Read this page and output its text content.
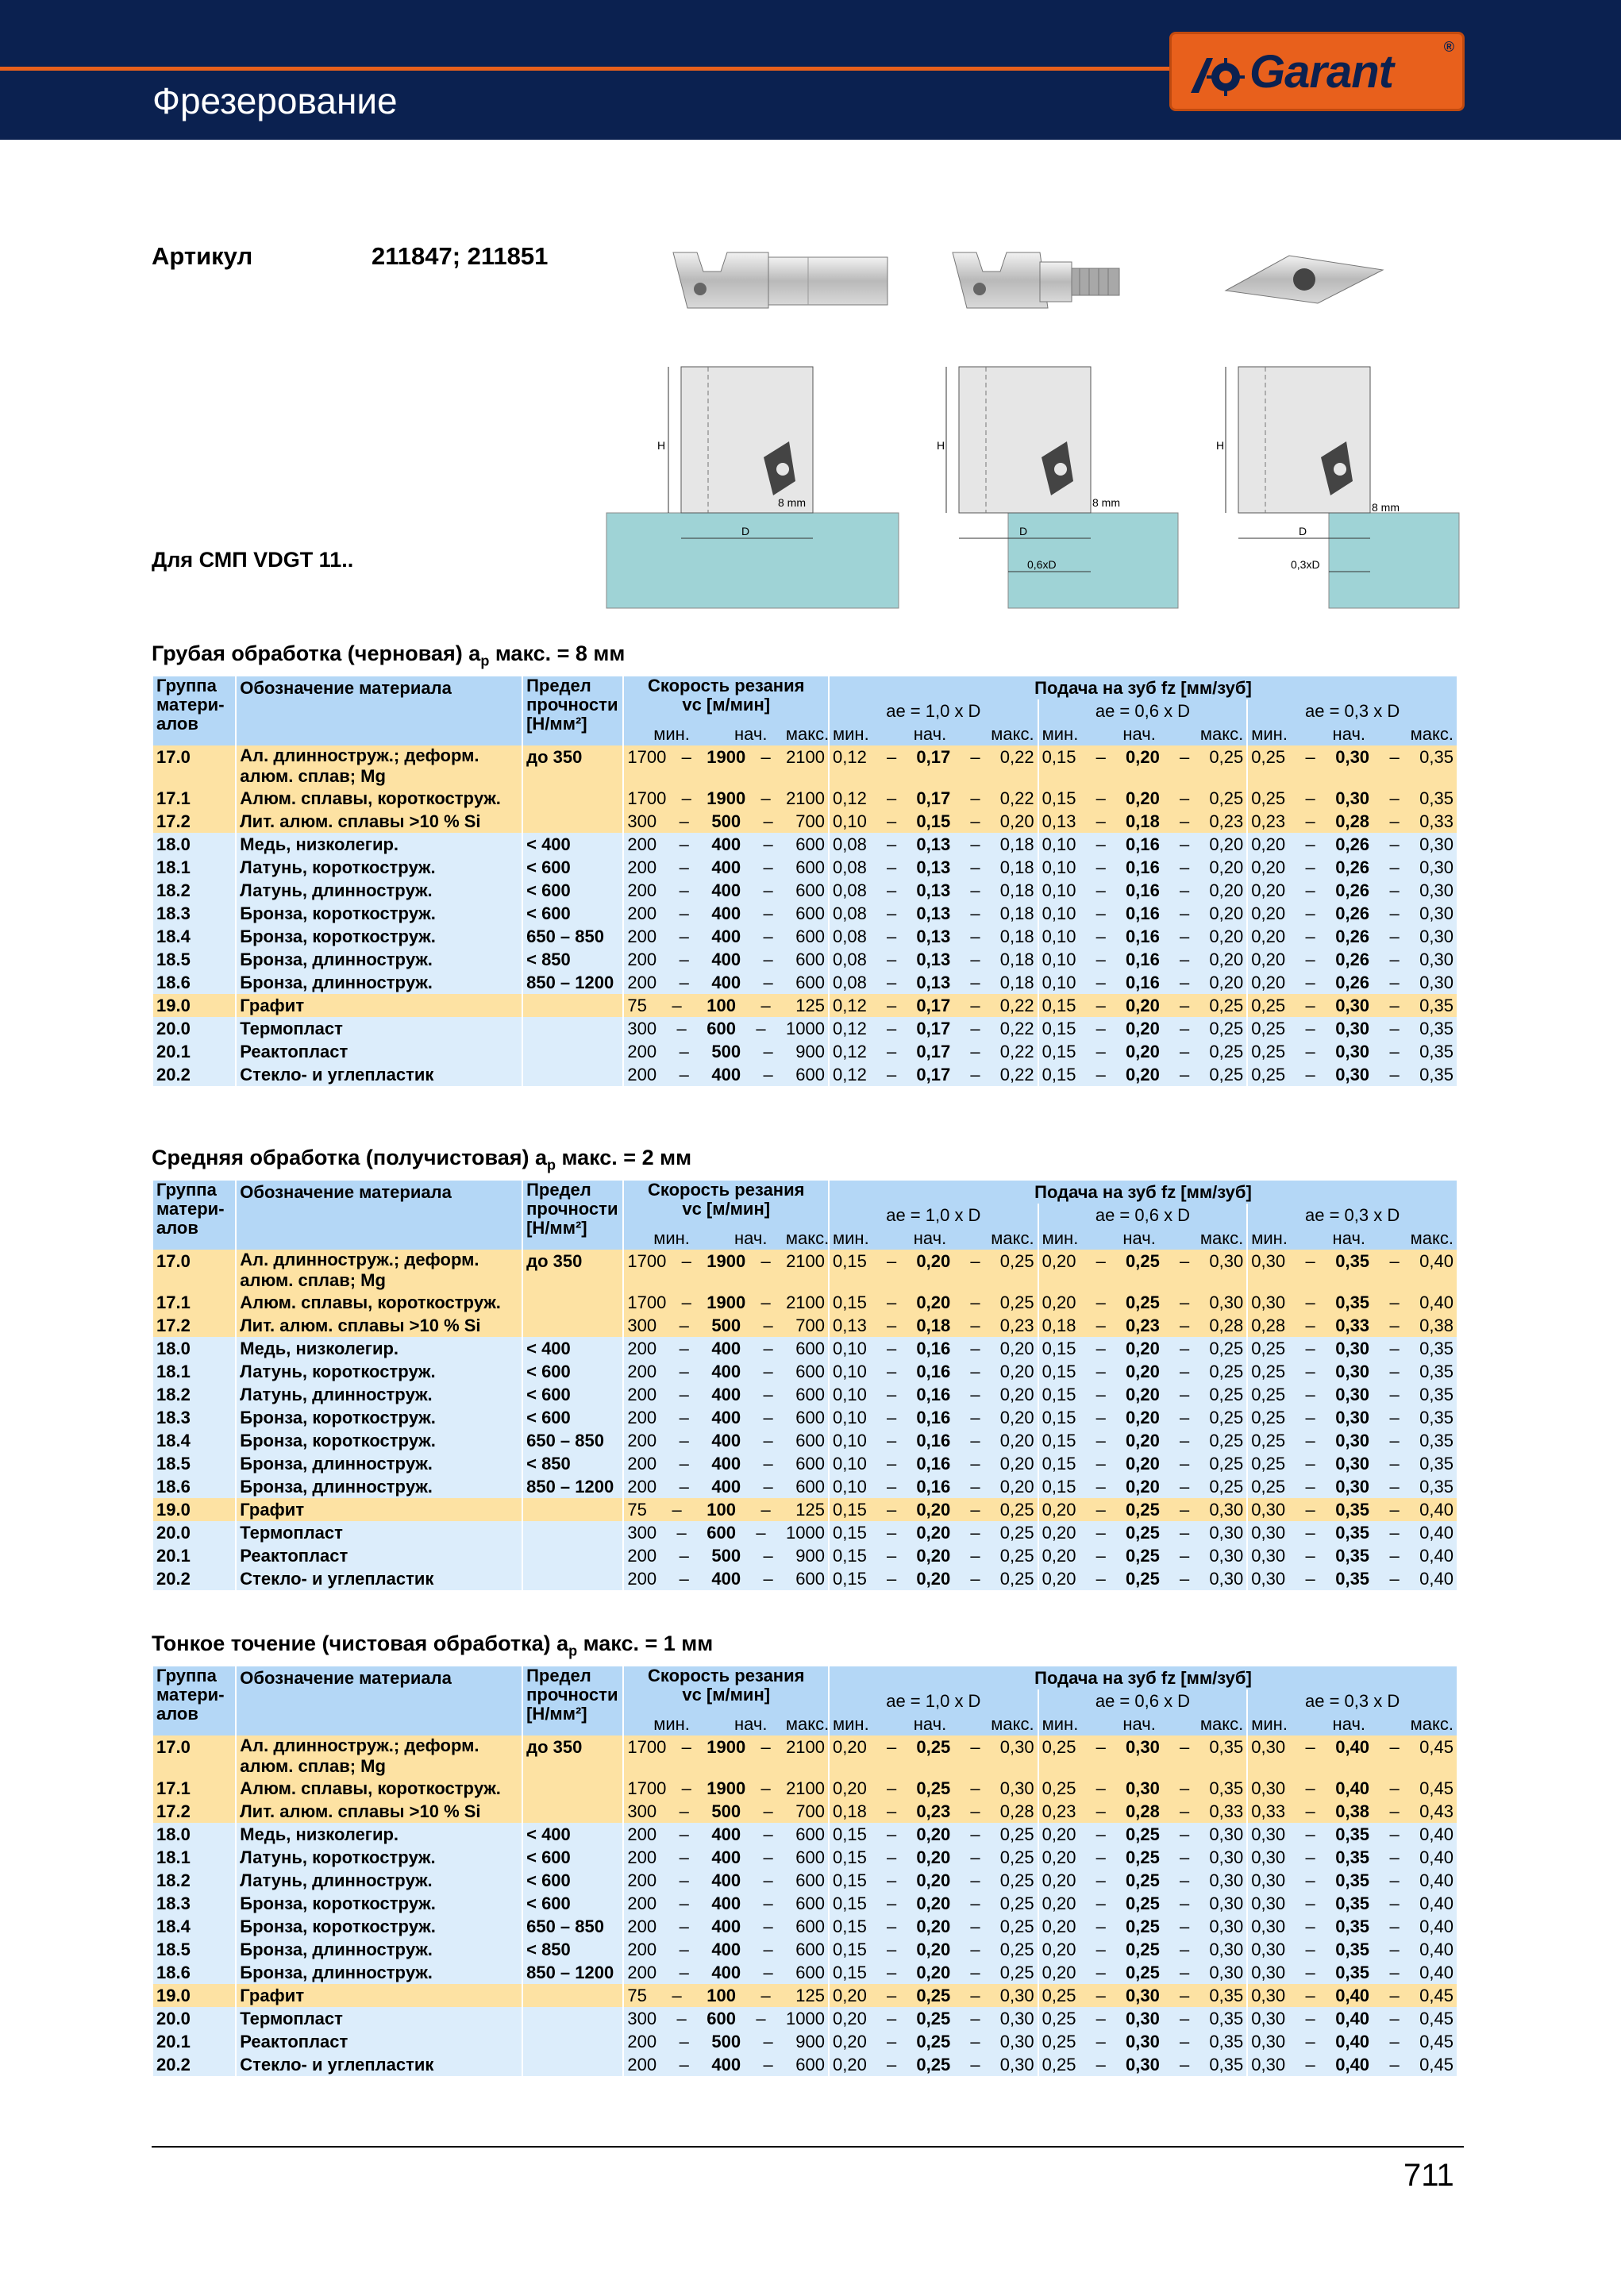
Фрезерование
Garant	®
Артикул	211847; 211851
H
D
8 mm
H
D
8 mm
0,6xD
H
D
8 mm
0,3xD
Для СМП VDGT 11..
Грубая обработка (черновая) $a_p$ макс. = 8 мм
Средняя обработка (получистовая) $a_p$ макс. = 2 мм
Тонкое точение (чистовая обработка) $a_p$ макс. = 1 мм
Группа
матери-
алов	Обозначение материала	Предел
прочности
[Н/мм²]	Скорость резания
vc [м/мин]			Подача на зуб fz [мм/зуб]		
						ae = 1,0 x D	ae = 0,6 x D	ae = 0,3 x D
			мин.	нач.	макс.	мин. нач. макс.	мин. нач. макс.	мин. нач. макс.

17.0	Ал. длиннострyж.; деформ. алюм. сплав; Mg	до 350	1700 – 1900 – 2100			0,12 – 0,17 – 0,22	0,15 – 0,20 – 0,25	0,25 – 0,30 – 0,35

17.1	Алюм. сплавы, короткострyж.		1700 – 1900 – 2100			0,12 – 0,17 – 0,22	0,15 – 0,20 – 0,25	0,25 – 0,30 – 0,35

17.2	Лит. алюм. сплавы >10 % Si		300 – 500 – 700			0,10 – 0,15 – 0,20	0,13 – 0,18 – 0,23	0,23 – 0,28 – 0,33

18.0	Медь, низколегир.	< 400	200 – 400 – 600			0,08 – 0,13 – 0,18	0,10 – 0,16 – 0,20	0,20 – 0,26 – 0,30

18.1	Латунь, короткострyж.	< 600	200 – 400 – 600			0,08 – 0,13 – 0,18	0,10 – 0,16 – 0,20	0,20 – 0,26 – 0,30

18.2	Латунь, длиннострyж.	< 600	200 – 400 – 600			0,08 – 0,13 – 0,18	0,10 – 0,16 – 0,20	0,20 – 0,26 – 0,30

18.3	Бронза, короткострyж.	< 600	200 – 400 – 600			0,08 – 0,13 – 0,18	0,10 – 0,16 – 0,20	0,20 – 0,26 – 0,30

18.4	Бронза, короткострyж.	650 – 850	200 – 400 – 600			0,08 – 0,13 – 0,18	0,10 – 0,16 – 0,20	0,20 – 0,26 – 0,30

18.5	Бронза, длиннострyж.	< 850	200 – 400 – 600			0,08 – 0,13 – 0,18	0,10 – 0,16 – 0,20	0,20 – 0,26 – 0,30

18.6	Бронза, длиннострyж.	850 – 1200	200 – 400 – 600			0,08 – 0,13 – 0,18	0,10 – 0,16 – 0,20	0,20 – 0,26 – 0,30

19.0	Графит		75 – 100 – 125			0,12 – 0,17 – 0,22	0,15 – 0,20 – 0,25	0,25 – 0,30 – 0,35

20.0	Термопласт		300 – 600 – 1000			0,12 – 0,17 – 0,22	0,15 – 0,20 – 0,25	0,25 – 0,30 – 0,35

20.1	Реактопласт		200 – 500 – 900			0,12 – 0,17 – 0,22	0,15 – 0,20 – 0,25	0,25 – 0,30 – 0,35

20.2	Стекло- и углепластик		200 – 400 – 600			0,12 – 0,17 – 0,22	0,15 – 0,20 – 0,25	0,25 – 0,30 – 0,35
Группа
матери-
алов	Обозначение материала	Предел
прочности
[Н/мм²]	Скорость резания
vc [м/мин]			Подача на зуб fz [мм/зуб]		
						ae = 1,0 x D	ae = 0,6 x D	ae = 0,3 x D
			мин.	нач.	макс.	мин. нач. макс.	мин. нач. макс.	мин. нач. макс.

17.0	Ал. длиннострyж.; деформ. алюм. сплав; Mg	до 350	1700 – 1900 – 2100			0,15 – 0,20 – 0,25	0,20 – 0,25 – 0,30	0,30 – 0,35 – 0,40

17.1	Алюм. сплавы, короткострyж.		1700 – 1900 – 2100			0,15 – 0,20 – 0,25	0,20 – 0,25 – 0,30	0,30 – 0,35 – 0,40

17.2	Лит. алюм. сплавы >10 % Si		300 – 500 – 700			0,13 – 0,18 – 0,23	0,18 – 0,23 – 0,28	0,28 – 0,33 – 0,38

18.0	Медь, низколегир.	< 400	200 – 400 – 600			0,10 – 0,16 – 0,20	0,15 – 0,20 – 0,25	0,25 – 0,30 – 0,35

18.1	Латунь, короткострyж.	< 600	200 – 400 – 600			0,10 – 0,16 – 0,20	0,15 – 0,20 – 0,25	0,25 – 0,30 – 0,35

18.2	Латунь, длиннострyж.	< 600	200 – 400 – 600			0,10 – 0,16 – 0,20	0,15 – 0,20 – 0,25	0,25 – 0,30 – 0,35

18.3	Бронза, короткострyж.	< 600	200 – 400 – 600			0,10 – 0,16 – 0,20	0,15 – 0,20 – 0,25	0,25 – 0,30 – 0,35

18.4	Бронза, короткострyж.	650 – 850	200 – 400 – 600			0,10 – 0,16 – 0,20	0,15 – 0,20 – 0,25	0,25 – 0,30 – 0,35

18.5	Бронза, длиннострyж.	< 850	200 – 400 – 600			0,10 – 0,16 – 0,20	0,15 – 0,20 – 0,25	0,25 – 0,30 – 0,35

18.6	Бронза, длиннострyж.	850 – 1200	200 – 400 – 600			0,10 – 0,16 – 0,20	0,15 – 0,20 – 0,25	0,25 – 0,30 – 0,35

19.0	Графит		75 – 100 – 125			0,15 – 0,20 – 0,25	0,20 – 0,25 – 0,30	0,30 – 0,35 – 0,40

20.0	Термопласт		300 – 600 – 1000			0,15 – 0,20 – 0,25	0,20 – 0,25 – 0,30	0,30 – 0,35 – 0,40

20.1	Реактопласт		200 – 500 – 900			0,15 – 0,20 – 0,25	0,20 – 0,25 – 0,30	0,30 – 0,35 – 0,40

20.2	Стекло- и углепластик		200 – 400 – 600			0,15 – 0,20 – 0,25	0,20 – 0,25 – 0,30	0,30 – 0,35 – 0,40
Группа
матери-
алов	Обозначение материала	Предел
прочности
[Н/мм²]	Скорость резания
vc [м/мин]			Подача на зуб fz [мм/зуб]		
						ae = 1,0 x D	ae = 0,6 x D	ae = 0,3 x D
			мин.	нач.	макс.	мин. нач. макс.	мин. нач. макс.	мин. нач. макс.

17.0	Ал. длиннострyж.; деформ. алюм. сплав; Mg	до 350	1700 – 1900 – 2100			0,20 – 0,25 – 0,30	0,25 – 0,30 – 0,35	0,30 – 0,40 – 0,45

17.1	Алюм. сплавы, короткострyж.		1700 – 1900 – 2100			0,20 – 0,25 – 0,30	0,25 – 0,30 – 0,35	0,30 – 0,40 – 0,45

17.2	Лит. алюм. сплавы >10 % Si		300 – 500 – 700			0,18 – 0,23 – 0,28	0,23 – 0,28 – 0,33	0,33 – 0,38 – 0,43

18.0	Медь, низколегир.	< 400	200 – 400 – 600			0,15 – 0,20 – 0,25	0,20 – 0,25 – 0,30	0,30 – 0,35 – 0,40

18.1	Латунь, короткострyж.	< 600	200 – 400 – 600			0,15 – 0,20 – 0,25	0,20 – 0,25 – 0,30	0,30 – 0,35 – 0,40

18.2	Латунь, длиннострyж.	< 600	200 – 400 – 600			0,15 – 0,20 – 0,25	0,20 – 0,25 – 0,30	0,30 – 0,35 – 0,40

18.3	Бронза, короткострyж.	< 600	200 – 400 – 600			0,15 – 0,20 – 0,25	0,20 – 0,25 – 0,30	0,30 – 0,35 – 0,40

18.4	Бронза, короткострyж.	650 – 850	200 – 400 – 600			0,15 – 0,20 – 0,25	0,20 – 0,25 – 0,30	0,30 – 0,35 – 0,40

18.5	Бронза, длиннострyж.	< 850	200 – 400 – 600			0,15 – 0,20 – 0,25	0,20 – 0,25 – 0,30	0,30 – 0,35 – 0,40

18.6	Бронза, длиннострyж.	850 – 1200	200 – 400 – 600			0,15 – 0,20 – 0,25	0,20 – 0,25 – 0,30	0,30 – 0,35 – 0,40

19.0	Графит		75 – 100 – 125			0,20 – 0,25 – 0,30	0,25 – 0,30 – 0,35	0,30 – 0,40 – 0,45

20.0	Термопласт		300 – 600 – 1000			0,20 – 0,25 – 0,30	0,25 – 0,30 – 0,35	0,30 – 0,40 – 0,45

20.1	Реактопласт		200 – 500 – 900			0,20 – 0,25 – 0,30	0,25 – 0,30 – 0,35	0,30 – 0,40 – 0,45

20.2	Стекло- и углепластик		200 – 400 – 600			0,20 – 0,25 – 0,30	0,25 – 0,30 – 0,35	0,30 – 0,40 – 0,45
711
